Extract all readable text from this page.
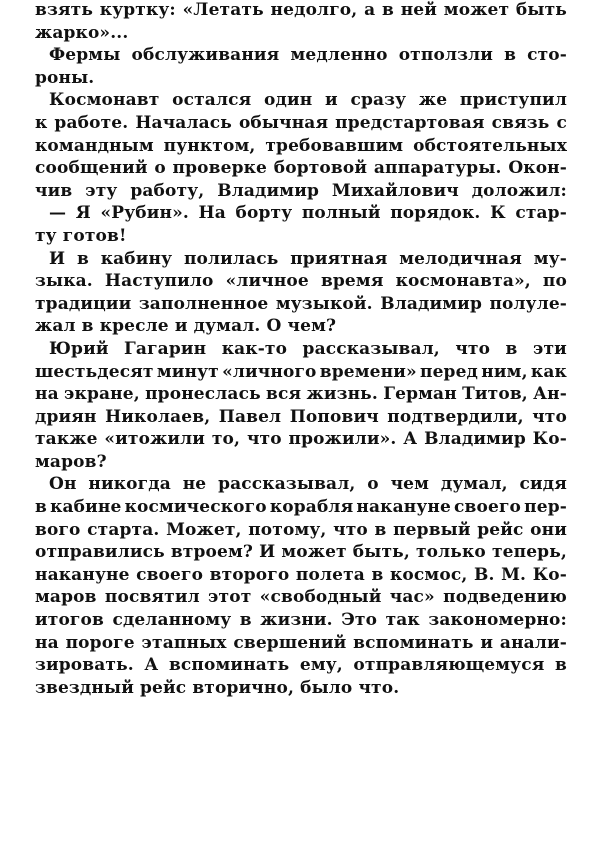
взять куртку: «Летать недолго, а в ней может быть
жарко»...
Фермы обслуживания медленно отползли в сто-
роны.
Космонавт остался один и сразу же приступил
к работе. Началась обычная предстартовая связь с
командным пунктом, требовавшим обстоятельных
сообщений о проверке бортовой аппаратуры. Окон-
чив эту работу, Владимир Михайлович доложил:
— Я «Рубин». На борту полный порядок. К стар-
ту готов!
И в кабину полилась приятная мелодичная му-
зыка. Наступило «личное время космонавта», по
традиции заполненное музыкой. Владимир полуле-
жал в кресле и думал. О чем?
Юрий Гагарин как-то рассказывал, что в эти
шестьдесят минут «личного времени» перед ним, как
на экране, пронеслась вся жизнь. Герман Титов, Ан-
дриян Николаев, Павел Попович подтвердили, что
также «итожили то, что прожили». А Владимир Ко-
маров?
Он никогда не рассказывал, о чем думал, сидя
в кабине космического корабля накануне своего пер-
вого старта. Может, потому, что в первый рейс они
отправились втроем? И может быть, только теперь,
накануне своего второго полета в космос, В. М. Ко-
маров посвятил этот «свободный час» подведению
итогов сделанному в жизни. Это так закономерно:
на пороге этапных свершений вспоминать и анали-
зировать. А вспоминать ему, отправляющемуся в
звездный рейс вторично, было что.
